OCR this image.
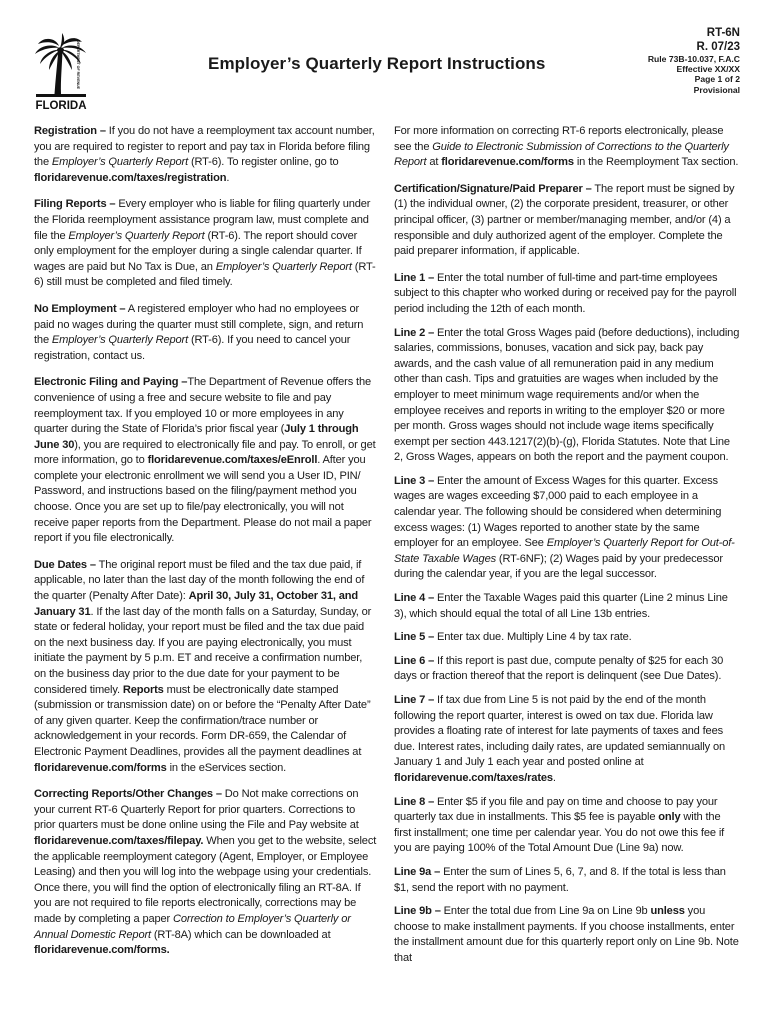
DEPARTMENT OF REVENUE
FLORIDA
Employer’s Quarterly Report Instructions
RT-6N
R. 07/23
Rule 73B-10.037, F.A.C
Effective XX/XX
Page 1 of 2
Provisional

Registration – If you do not have a reemployment tax account number, you are required to register to report and pay tax in Florida before filing the Employer’s Quarterly Report (RT-6). To register online, go to floridarevenue.com/taxes/registration.

Filing Reports – Every employer who is liable for filing quarterly under the Florida reemployment assistance program law, must complete and file the Employer’s Quarterly Report (RT-6). The report should cover only employment for the employer during a single calendar quarter. If wages are paid but No Tax is Due, an Employer’s Quarterly Report (RT-6) still must be completed and filed timely.

No Employment – A registered employer who had no employees or paid no wages during the quarter must still complete, sign, and return the Employer’s Quarterly Report (RT-6). If you need to cancel your registration, contact us.

Electronic Filing and Paying –The Department of Revenue offers the convenience of using a free and secure website to file and pay reemployment tax. If you employed 10 or more employees in any quarter during the State of Florida’s prior fiscal year (July 1 through June 30), you are required to electronically file and pay. To enroll, or get more information, go to floridarevenue.com/taxes/eEnroll. After you complete your electronic enrollment we will send you a User ID, PIN/ Password, and instructions based on the filing/payment method you choose. Once you are set up to file/pay electronically, you will not receive paper reports from the Department. Please do not mail a paper report if you file electronically.

Due Dates – The original report must be filed and the tax due paid, if applicable, no later than the last day of the month following the end of the quarter (Penalty After Date): April 30, July 31, October 31, and January 31. If the last day of the month falls on a Saturday, Sunday, or state or federal holiday, your report must be filed and the tax due paid on the next business day. If you are paying electronically, you must initiate the payment by 5 p.m. ET and receive a confirmation number, on the business day prior to the due date for your payment to be considered timely. Reports must be electronically date stamped (submission or transmission date) on or before the “Penalty After Date” of any given quarter. Keep the confirmation/trace number or acknowledgement in your records. Form DR-659, the Calendar of Electronic Payment Deadlines, provides all the payment deadlines at floridarevenue.com/forms in the eServices section.

Correcting Reports/Other Changes – Do Not make corrections on your current RT-6 Quarterly Report for prior quarters. Corrections to prior quarters must be done online using the File and Pay website at floridarevenue.com/taxes/filepay. When you get to the website, select the applicable reemployment category (Agent, Employer, or Employee Leasing) and then you will log into the webpage using your credentials. Once there, you will find the option of electronically filing an RT-8A. If you are not required to file reports electronically, corrections may be made by completing a paper Correction to Employer’s Quarterly or Annual Domestic Report (RT-8A) which can be downloaded at floridarevenue.com/forms.

For more information on correcting RT-6 reports electronically, please see the Guide to Electronic Submission of Corrections to the Quarterly Report at floridarevenue.com/forms in the Reemployment Tax section.

Certification/Signature/Paid Preparer – The report must be signed by (1) the individual owner, (2) the corporate president, treasurer, or other principal officer, (3) partner or member/managing member, and/or (4) a responsible and duly authorized agent of the employer. Complete the paid preparer information, if applicable.

Line 1 – Enter the total number of full-time and part-time employees subject to this chapter who worked during or received pay for the payroll period including the 12th of each month.

Line 2 – Enter the total Gross Wages paid (before deductions), including salaries, commissions, bonuses, vacation and sick pay, back pay awards, and the cash value of all remuneration paid in any medium other than cash. Tips and gratuities are wages when included by the employer to meet minimum wage requirements and/or when the employee receives and reports in writing to the employer $20 or more per month. Gross wages should not include wage items specifically exempt per section 443.1217(2)(b)-(g), Florida Statutes. Note that Line 2, Gross Wages, appears on both the report and the payment coupon.

Line 3 – Enter the amount of Excess Wages for this quarter. Excess wages are wages exceeding $7,000 paid to each employee in a calendar year. The following should be considered when determining excess wages: (1) Wages reported to another state by the same employer for an employee. See Employer’s Quarterly Report for Out-of-State Taxable Wages (RT-6NF); (2) Wages paid by your predecessor during the calendar year, if you are the legal successor.

Line 4 – Enter the Taxable Wages paid this quarter (Line 2 minus Line 3), which should equal the total of all Line 13b entries.

Line 5 – Enter tax due. Multiply Line 4 by tax rate.

Line 6 – If this report is past due, compute penalty of $25 for each 30 days or fraction thereof that the report is delinquent (see Due Dates).

Line 7 – If tax due from Line 5 is not paid by the end of the month following the report quarter, interest is owed on tax due. Florida law provides a floating rate of interest for late payments of taxes and fees due. Interest rates, including daily rates, are updated semiannually on January 1 and July 1 each year and posted online at floridarevenue.com/taxes/rates.

Line 8 – Enter $5 if you file and pay on time and choose to pay your quarterly tax due in installments. This $5 fee is payable only with the first installment; one time per calendar year. You do not owe this fee if you are paying 100% of the Total Amount Due (Line 9a) now.

Line 9a – Enter the sum of Lines 5, 6, 7, and 8. If the total is less than $1, send the report with no payment.

Line 9b – Enter the total due from Line 9a on Line 9b unless you choose to make installment payments. If you choose installments, enter the installment amount due for this quarterly report only on Line 9b. Note that
